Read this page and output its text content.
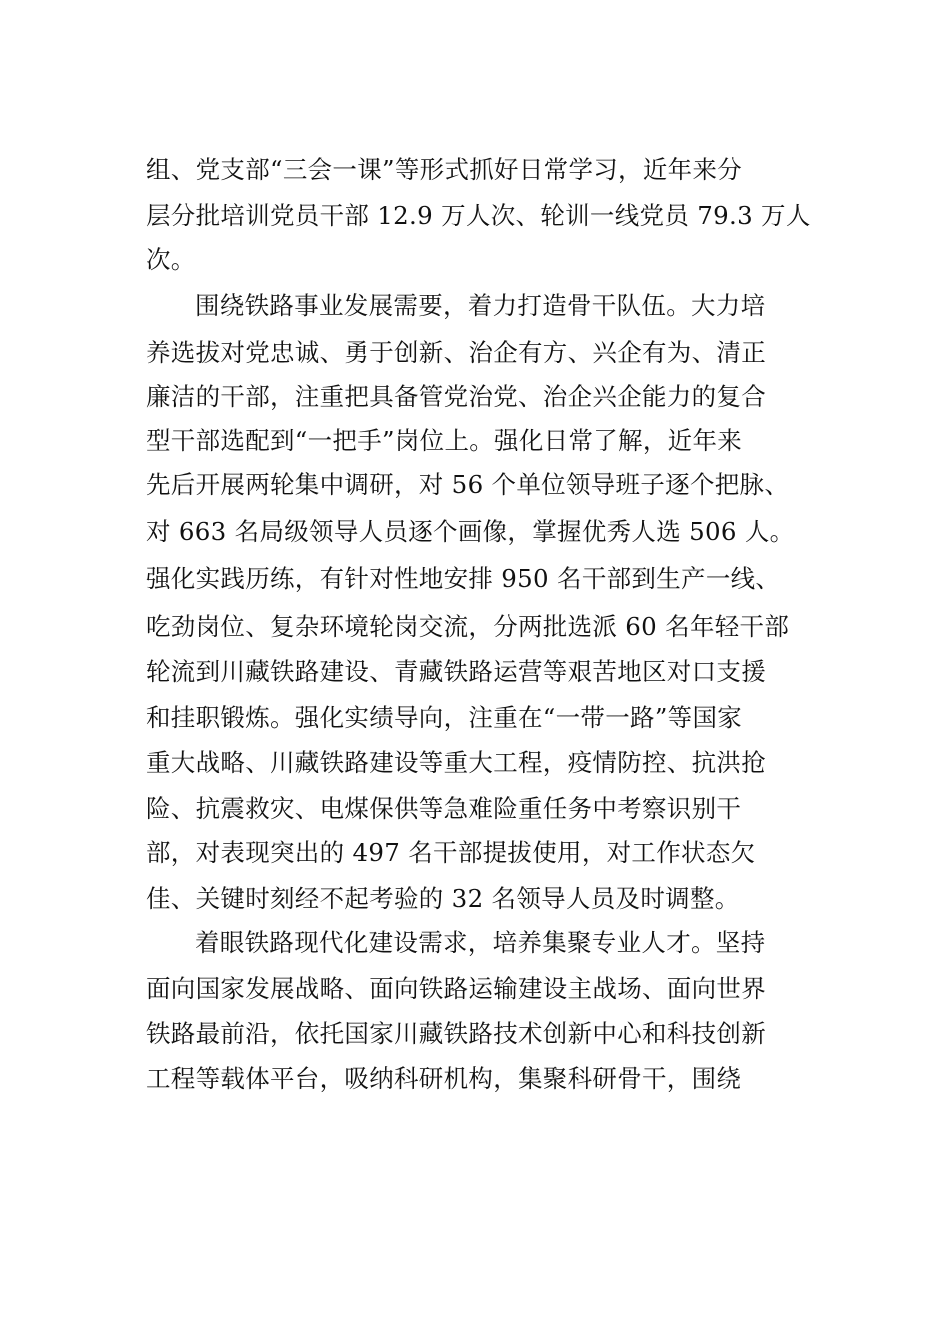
组、党支部“三会一课”等形式抓好日常学习，近年来分
层分批培训党员干部 12.9 万人次、轮训一线党员 79.3 万人
次。
围绕铁路事业发展需要，着力打造骨干队伍。大力培
养选拔对党忠诚、勇于创新、治企有方、兴企有为、清正
廉洁的干部，注重把具备管党治党、治企兴企能力的复合
型干部选配到“一把手”岗位上。强化日常了解，近年来
先后开展两轮集中调研，对 56 个单位领导班子逐个把脉、
对 663 名局级领导人员逐个画像，掌握优秀人选 506 人。
强化实践历练，有针对性地安排 950 名干部到生产一线、
吃劲岗位、复杂环境轮岗交流，分两批选派 60 名年轻干部
轮流到川藏铁路建设、青藏铁路运营等艰苦地区对口支援
和挂职锻炼。强化实绩导向，注重在“一带一路”等国家
重大战略、川藏铁路建设等重大工程，疫情防控、抗洪抢
险、抗震救灾、电煤保供等急难险重任务中考察识别干
部，对表现突出的 497 名干部提拔使用，对工作状态欠
佳、关键时刻经不起考验的 32 名领导人员及时调整。
着眼铁路现代化建设需求，培养集聚专业人才。坚持
面向国家发展战略、面向铁路运输建设主战场、面向世界
铁路最前沿，依托国家川藏铁路技术创新中心和科技创新
工程等载体平台，吸纳科研机构，集聚科研骨干，围绕
